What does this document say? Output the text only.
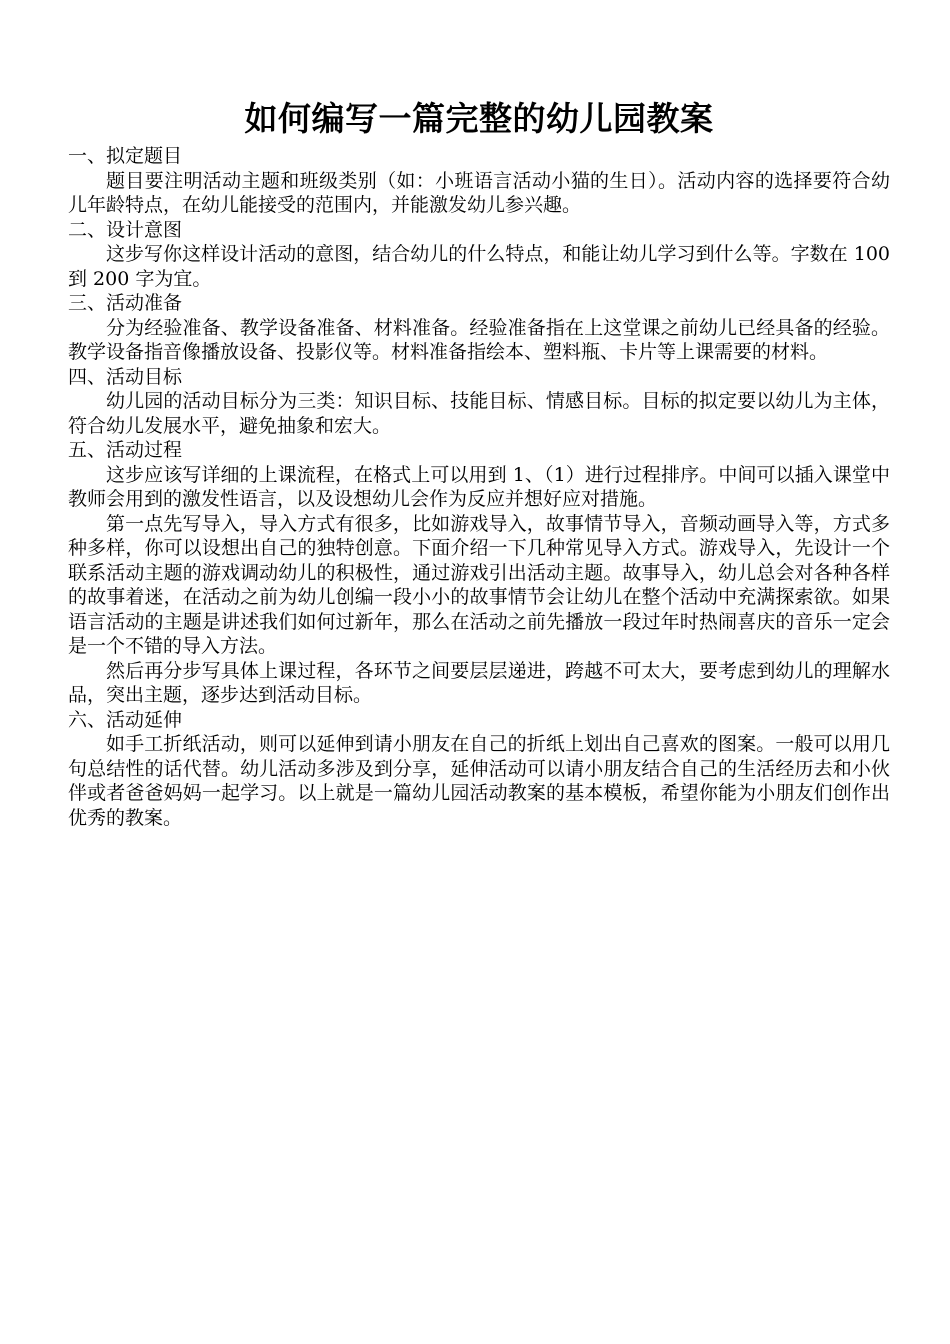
如何编写一篇完整的幼儿园教案
一、拟定题目

题目要注明活动主题和班级类别（如：小班语言活动小猫的生日）。活动内容的选择要符合幼儿年龄特点，在幼儿能接受的范围内，并能激发幼儿参兴趣。

二、设计意图

这步写你这样设计活动的意图，结合幼儿的什么特点，和能让幼儿学习到什么等。字数在 100 到 200 字为宜。

三、活动准备

分为经验准备、教学设备准备、材料准备。经验准备指在上这堂课之前幼儿已经具备的经验。教学设备指音像播放设备、投影仪等。材料准备指绘本、塑料瓶、卡片等上课需要的材料。

四、活动目标

幼儿园的活动目标分为三类：知识目标、技能目标、情感目标。目标的拟定要以幼儿为主体，符合幼儿发展水平，避免抽象和宏大。

五、活动过程

这步应该写详细的上课流程，在格式上可以用到 1、（1）进行过程排序。中间可以插入课堂中教师会用到的激发性语言，以及设想幼儿会作为反应并想好应对措施。

第一点先写导入，导入方式有很多，比如游戏导入，故事情节导入，音频动画导入等，方式多种多样，你可以设想出自己的独特创意。下面介绍一下几种常见导入方式。游戏导入，先设计一个联系活动主题的游戏调动幼儿的积极性，通过游戏引出活动主题。故事导入，幼儿总会对各种各样的故事着迷，在活动之前为幼儿创编一段小小的故事情节会让幼儿在整个活动中充满探索欲。如果语言活动的主题是讲述我们如何过新年，那么在活动之前先播放一段过年时热闹喜庆的音乐一定会是一个不错的导入方法。

然后再分步写具体上课过程，各环节之间要层层递进，跨越不可太大，要考虑到幼儿的理解水品，突出主题，逐步达到活动目标。

六、活动延伸

如手工折纸活动，则可以延伸到请小朋友在自己的折纸上划出自己喜欢的图案。一般可以用几句总结性的话代替。幼儿活动多涉及到分享，延伸活动可以请小朋友结合自己的生活经历去和小伙伴或者爸爸妈妈一起学习。以上就是一篇幼儿园活动教案的基本模板，希望你能为小朋友们创作出优秀的教案。
